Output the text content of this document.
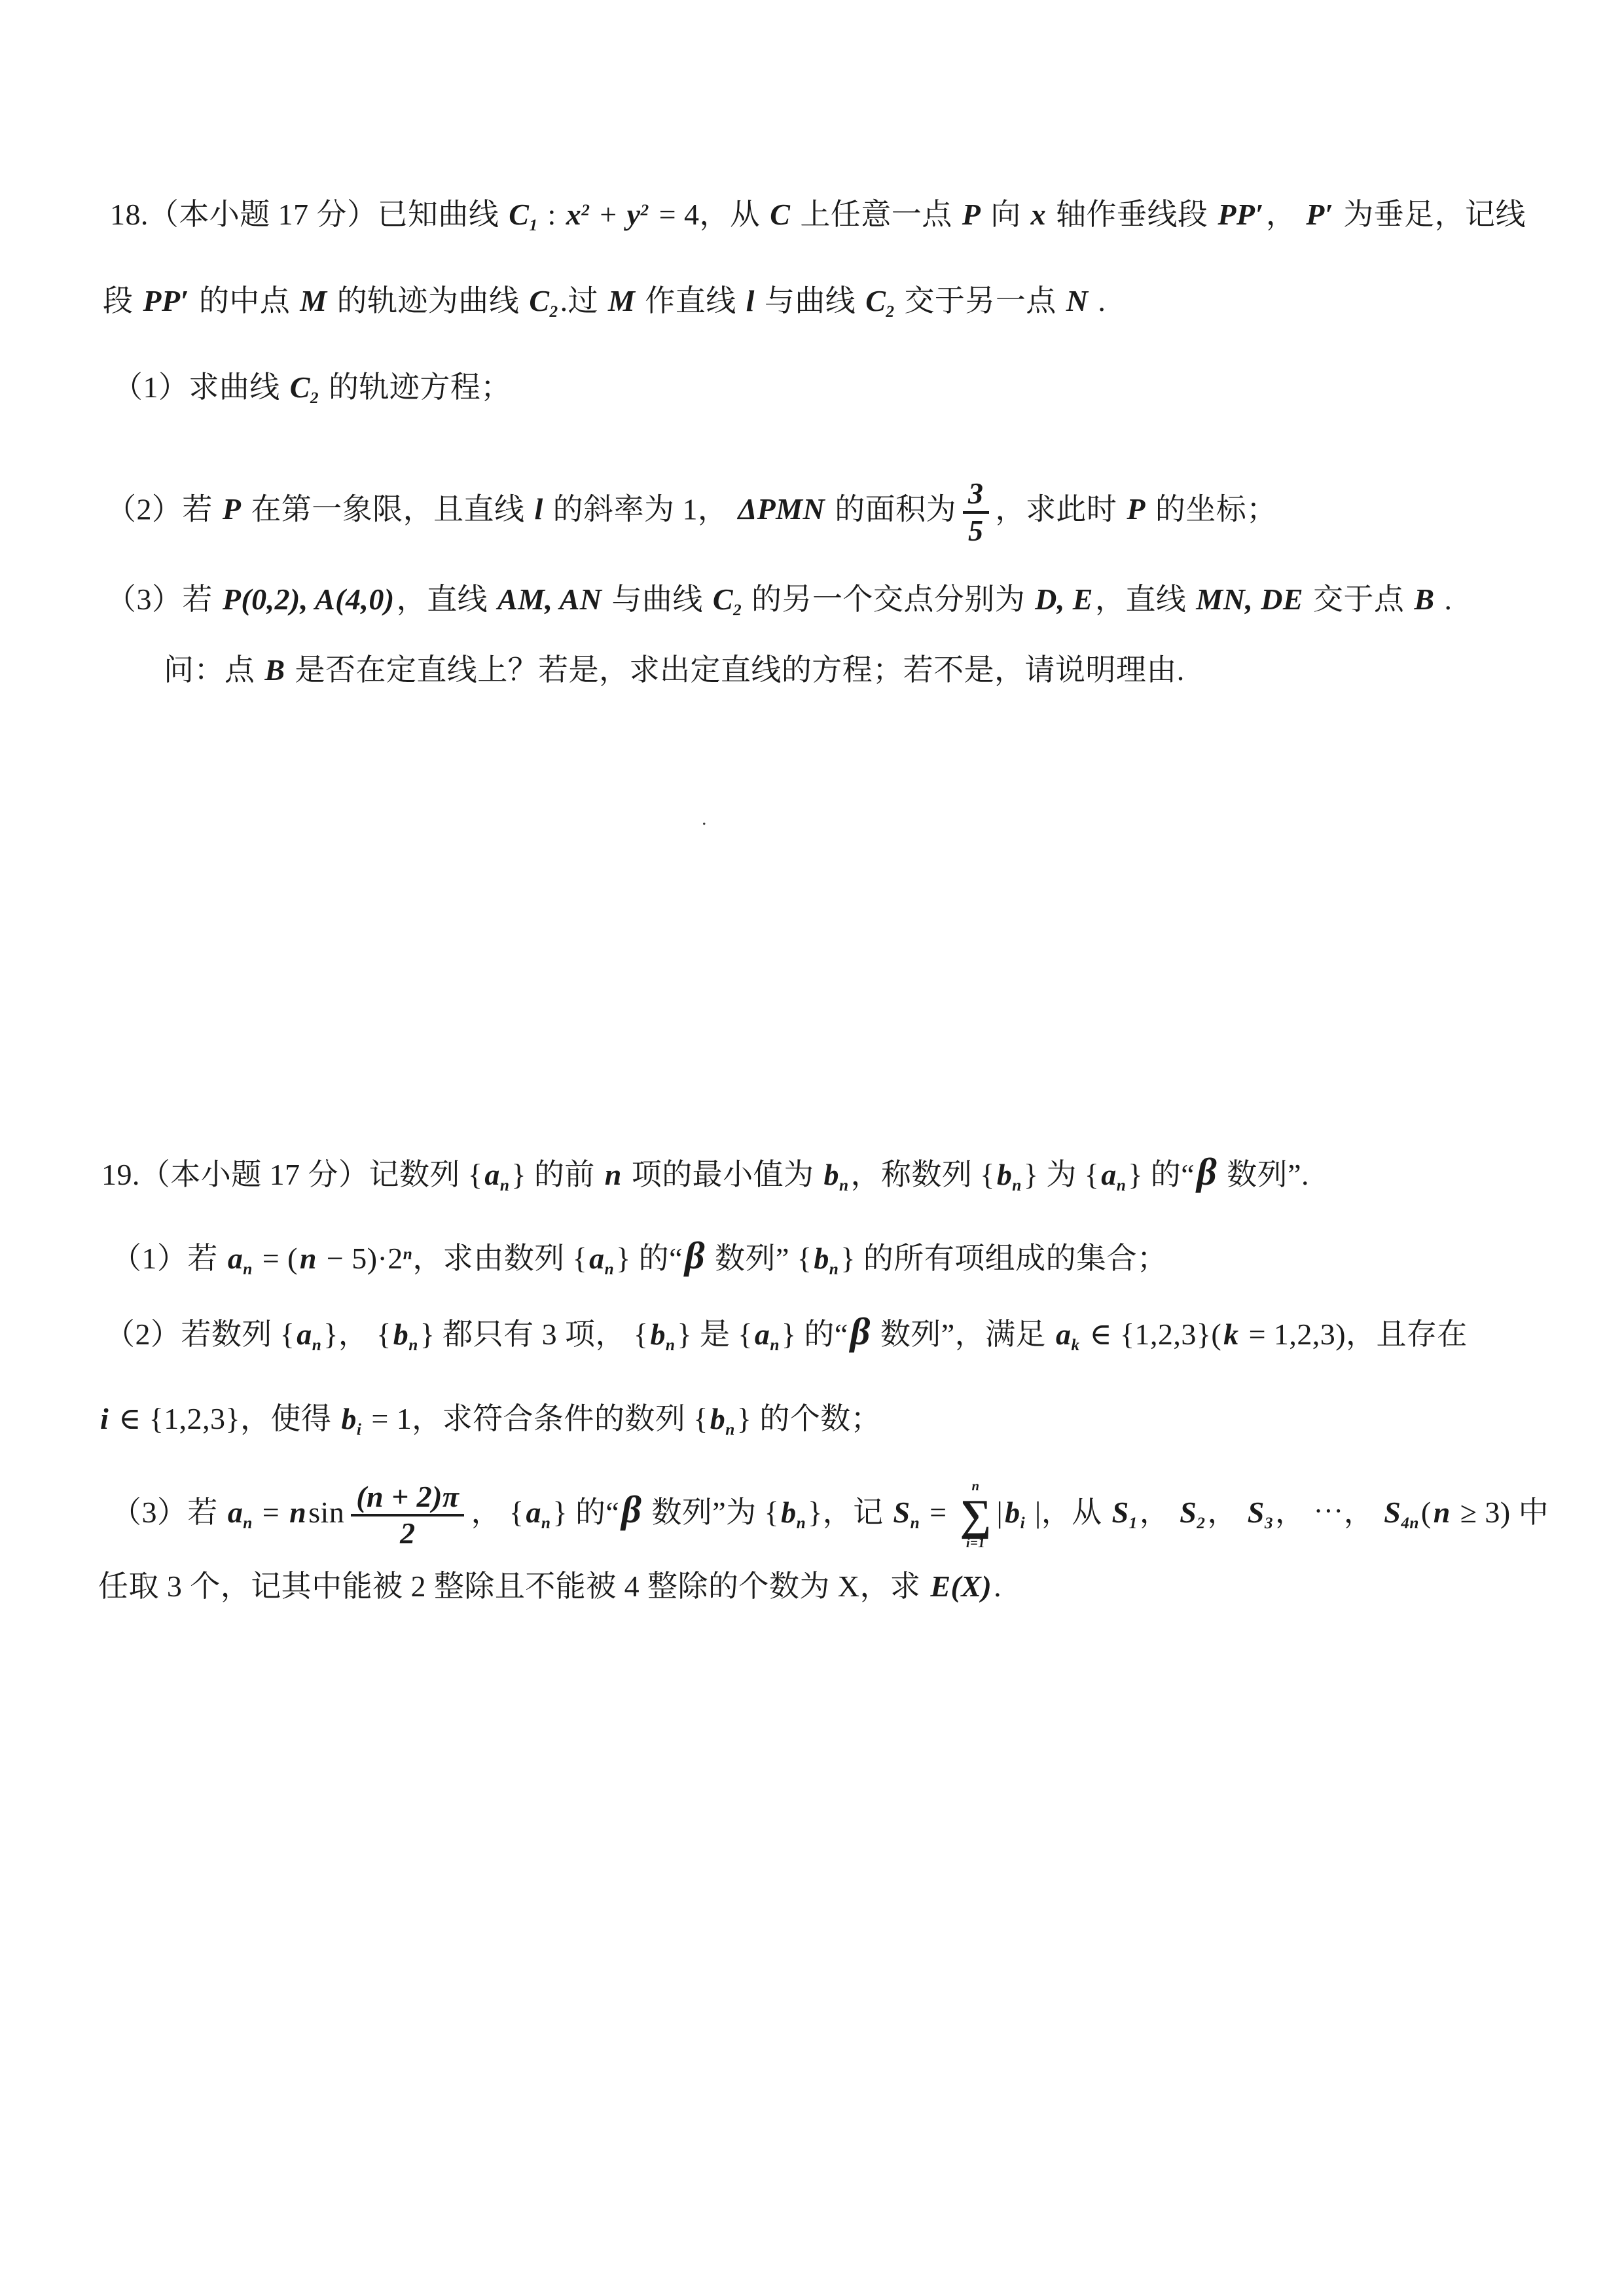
18.（本小题 17 分）已知曲线 $C_1$ : $x^2 + y^2 = 4$，从 C 上任意一点 P 向 x 轴作垂线段 PP′， P′ 为垂足，记线
段 PP′ 的中点 M 的轨迹为曲线 $C_2$.过 M 作直线 l 与曲线 $C_2$ 交于另一点 N .
（1）求曲线 $C_2$ 的轨迹方程；
（2）若 P 在第一象限，且直线 l 的斜率为 1， ΔPMN 的面积为 $\frac{3}{5}$ ，求此时 P 的坐标；
（3）若 P(0,2), A(4,0)，直线 AM, AN 与曲线 $C_2$ 的另一个交点分别为 D, E，直线 MN, DE 交于点 B .
问：点 B 是否在定直线上？若是，求出定直线的方程；若不是，请说明理由.
.
19.（本小题 17 分）记数列 $\{a_n\}$ 的前 n 项的最小值为 $b_n$，称数列 $\{b_n\}$ 为 $\{a_n\}$ 的“β 数列”.
（1）若 $a_n = (n - 5)\cdot 2^n$，求由数列 $\{a_n\}$ 的“β 数列” $\{b_n\}$ 的所有项组成的集合；
（2）若数列 $\{a_n\}$， $\{b_n\}$ 都只有 3 项， $\{b_n\}$ 是 $\{a_n\}$ 的“β 数列”，满足 $a_k$ ∈ {1,2,3}(k = 1,2,3)，且存在
i ∈ {1,2,3}，使得 $b_i = 1$，求符合条件的数列 $\{b_n\}$ 的个数；
（3）若 $a_n = nsin \frac{(n + 2)\pi}{2}$ ， $\{a_n\}$ 的“β 数列”为 $\{b_n\}$，记 $S_n$ =
n
∑
i=1
$|b_i$ |，从 $S_1$， $S_2$， $S_3$， ⋯， $S_{4n}(n \ge 3)$ 中
任取 3 个，记其中能被 2 整除且不能被 4 整除的个数为 X，求 E(X).
